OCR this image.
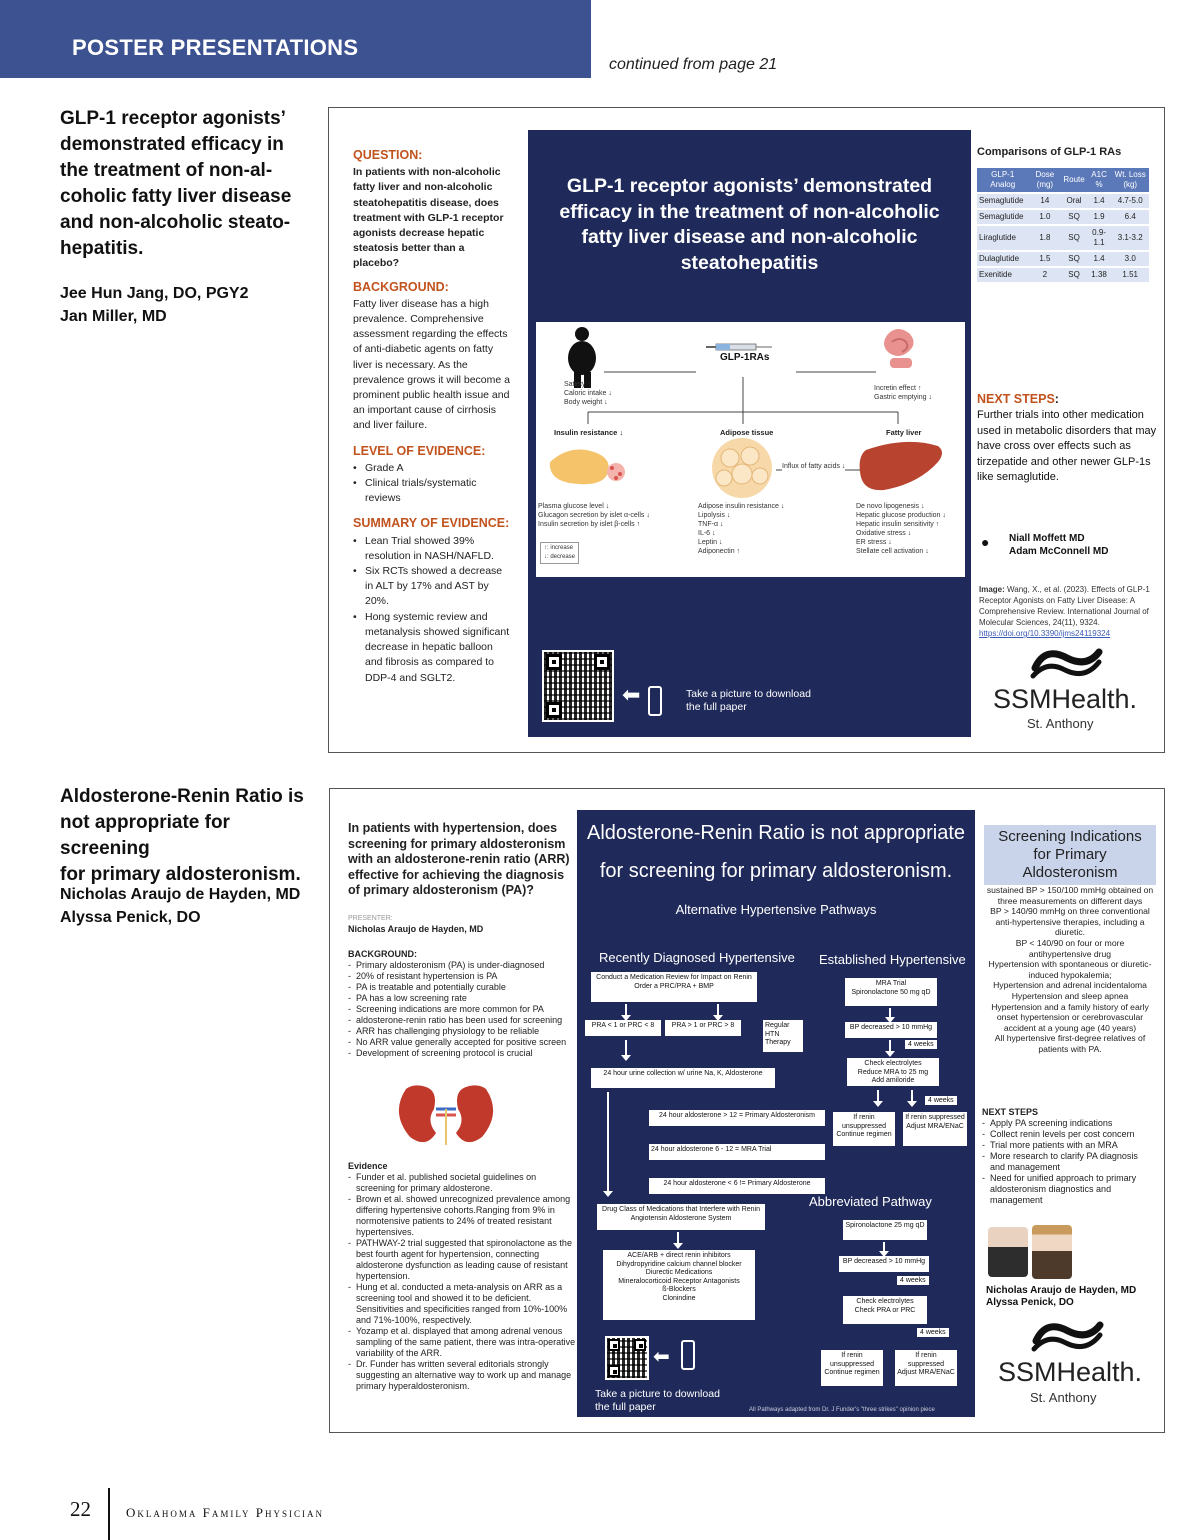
POSTER PRESENTATIONS
continued from page 21
GLP-1 receptor agonists’
demonstrated efficacy in
the treatment of non-al-
coholic fatty liver disease
and non-alcoholic steato-
hepatitis.
Jee Hun Jang, DO, PGY2
Jan Miller, MD
QUESTION:
In patients with non-alcoholic fatty liver and non-alcoholic steatohepatitis disease, does treatment with GLP-1 receptor agonists decrease hepatic steatosis better than a placebo?
BACKGROUND:
Fatty liver disease has a high prevalence. Comprehensive assessment regarding the effects of anti-diabetic agents on fatty liver is necessary. As the prevalence grows it will become a prominent public health issue and an important cause of cirrhosis and liver failure.
LEVEL OF EVIDENCE:
• Grade A
• Clinical trials/systematic reviews
SUMMARY OF EVIDENCE:
• Lean Trial showed 39% resolution in NASH/NAFLD.
• Six RCTs showed a decrease in ALT by 17% and AST by 20%.
• Hong systemic review and metanalysis showed significant decrease in hepatic balloon and fibrosis as compared to DDP-4 and SGLT2.
GLP-1 receptor agonists’ demonstrated efficacy in the treatment of non-alcoholic fatty liver disease and non-alcoholic steatohepatitis
GLP-1RAs
Satiety ↑
Caloric intake ↓
Body weight ↓
Incretin effect ↑
Gastric emptying ↓
Insulin resistance ↓	Adipose tissue	Fatty liver
Influx of fatty acids ↓
Plasma glucose level ↓
Glucagon secretion by islet α-cells ↓
Insulin secretion by islet β-cells ↑
Adipose insulin resistance ↓
Lipolysis ↓
TNF-α ↓
IL-6 ↓
Leptin ↓
Adiponectin ↑
De novo lipogenesis ↓
Hepatic glucose production ↓
Hepatic insulin sensitivity ↑
Oxidative stress ↓
ER stress ↓
Stellate cell activation ↓
↑: increase
↓: decrease
⬅	Take a picture to download the full paper
Comparisons of GLP-1 RAs
GLP-1 Analog	Dose (mg)	Route	A1C %	Wt. Loss (kg)
Semaglutide	14	Oral	1.4	4.7-5.0
Semaglutide	1.0	SQ	1.9	6.4
Liraglutide	1.8	SQ	0.9-1.1	3.1-3.2
Dulaglutide	1.5	SQ	1.4	3.0
Exenitide	2	SQ	1.38	1.51
NEXT STEPS:
Further trials into other medication used in metabolic disorders that may have cross over effects such as tirzepatide and other newer GLP-1s like semaglutide.
● Niall Moffett MD
Adam McConnell MD
Image: Wang, X., et al. (2023). Effects of GLP-1 Receptor Agonists on Fatty Liver Disease: A Comprehensive Review. International Journal of Molecular Sciences, 24(11), 9324.
https://doi.org/10.3390/ijms24119324
SSMHealth.
St. Anthony
Aldosterone-Renin Ratio is
not appropriate for screening
for primary aldosteronism.
Nicholas Araujo de Hayden, MD
Alyssa Penick, DO
In patients with hypertension, does screening for primary aldosteronism with an aldosterone-renin ratio (ARR) effective for achieving the diagnosis of primary aldosteronism (PA)?
PRESENTER:
Nicholas Araujo de Hayden, MD
BACKGROUND:
- Primary aldosteronism (PA) is under-diagnosed
- 20% of resistant hypertension is PA
- PA is treatable and potentially curable
- PA has a low screening rate
- Screening indications are more common for PA
- aldosterone-renin ratio has been used for screening
- ARR has challenging physiology to be reliable
- No ARR value generally accepted for positive screen
- Development of screening protocol is crucial
Evidence
- Funder et al. published societal guidelines on screening for primary aldosterone.
- Brown et al. showed unrecognized prevalence among differing hypertensive cohorts.Ranging from 9% in normotensive patients to 24% of treated resistant hypertensives.
- PATHWAY-2 trial suggested that spironolactone as the best fourth agent for hypertension, connecting aldosterone dysfunction as leading cause of resistant hypertension.
- Hung et al. conducted a meta-analysis on ARR as a screening tool and showed it to be deficient. Sensitivities and specificities ranged from 10%-100% and 71%-100%, respectively.
- Yozamp et al. displayed that among adrenal venous sampling of the same patient, there was intra-operative variability of the ARR.
- Dr. Funder has written several editorials strongly suggesting an alternative way to work up and manage primary hyperaldosteronism.
Aldosterone-Renin Ratio is not appropriate
for screening for primary aldosteronism.
Alternative Hypertensive Pathways
Recently Diagnosed Hypertensive Established Hypertensive
Conduct a Medication Review for Impact on Renin
Order a PRC/PRA + BMP
PRA < 1 or PRC < 8	PRA > 1 or PRC > 8	Regular HTN Therapy
24 hour urine collection w/ urine Na, K, Aldosterone
24 hour aldosterone > 12 = Primary Aldosteronism
24 hour aldosterone 6 - 12 = MRA Trial
24 hour aldosterone < 6 != Primary Aldosterone
Drug Class of Medications that Interfere with Renin Angiotensin Aldosterone System
ACE/ARB + direct renin inhibitors
Dihydropyridine calcium channel blocker
Diurectic Medications
Mineralocorticoid Receptor Antagonists
ß-Blockers
Clonindine
MRA Trial
Spironolactone 50 mg qD
BP decreased > 10 mmHg
4 weeks
Check electrolytes
Reduce MRA to 25 mg
Add amiloride
4 weeks
If renin unsuppressed
Continue regimen
If renin suppressed
Adjust MRA/ENaC
Abbreviated Pathway
Spironolactone 25 mg qD
BP decreased > 10 mmHg
4 weeks
Check electrolytes
Check PRA or PRC
4 weeks
If renin unsuppressed
Continue regimen
If renin suppressed
Adjust MRA/ENaC
⬅
Take a picture to download the full paper	All Pathways adapted from Dr. J Funder's "three strikes" opinion piece
Screening Indications for Primary Aldosteronism
sustained BP > 150/100 mmHg obtained on three measurements on different days
BP > 140/90 mmHg on three conventional anti-hypertensive therapies, including a diuretic.
BP < 140/90 on four or more antihypertensive drug
Hypertension with spontaneous or diuretic-induced hypokalemia;
Hypertension and adrenal incidentaloma
Hypertension and sleep apnea
Hypertension and a family history of early onset hypertension or cerebrovascular accident at a young age (40 years)
All hypertensive first-degree relatives of patients with PA.
NEXT STEPS
- Apply PA screening indications
- Collect renin levels per cost concern
- Trial more patients with an MRA
- More research to clarify PA diagnosis and management
- Need for unified approach to primary aldosteronism diagnostics and management
Nicholas Araujo de Hayden, MD
Alyssa Penick, DO
SSMHealth.
St. Anthony
22	Oklahoma Family Physician
